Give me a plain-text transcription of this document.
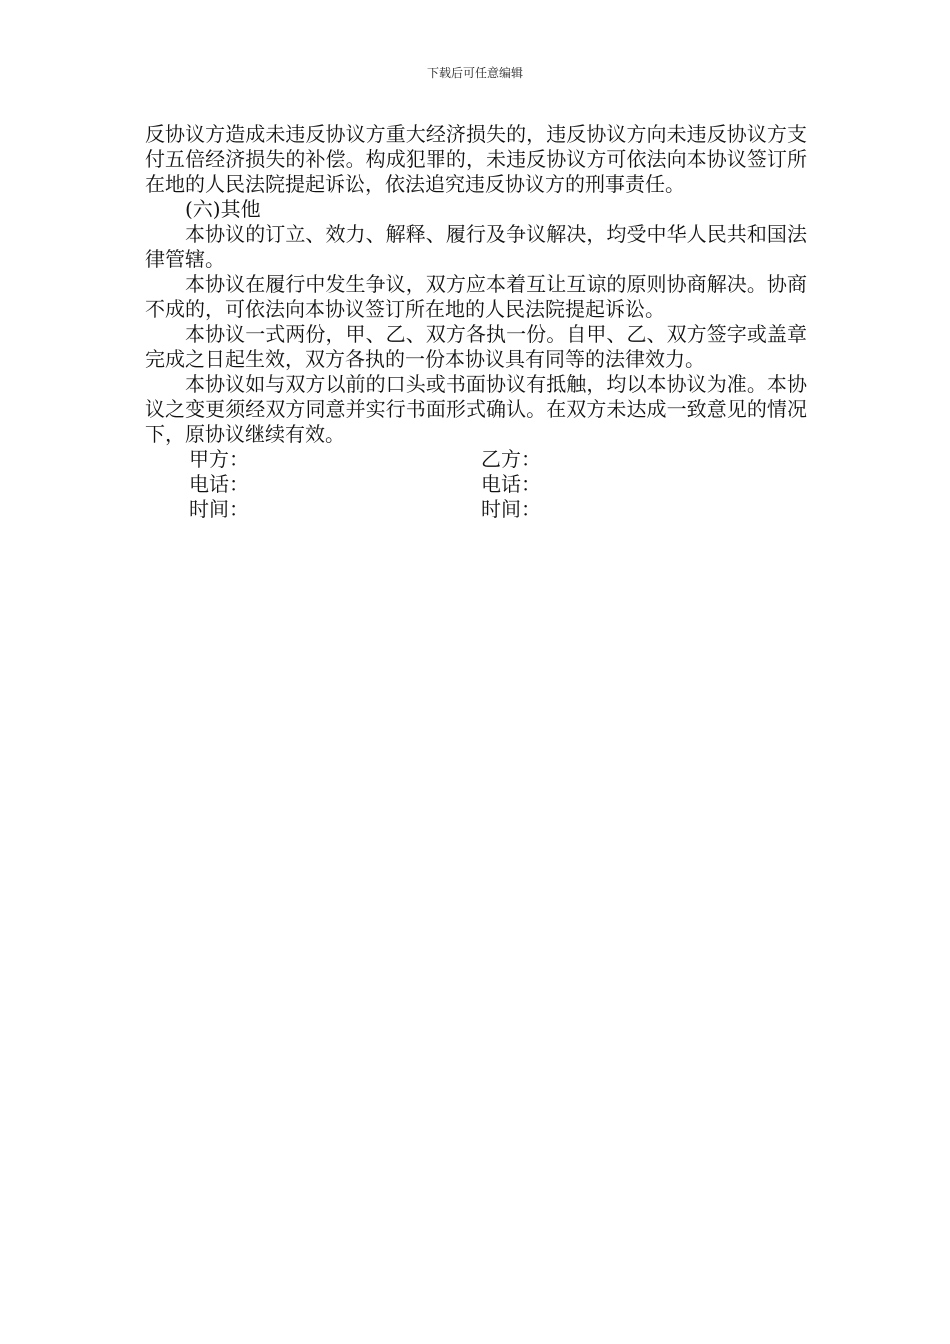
下载后可任意编辑

反协议方造成未违反协议方重大经济损失的，违反协议方向未违反协议方支付五倍经济损失的补偿。构成犯罪的，未违反协议方可依法向本协议签订所在地的人民法院提起诉讼，依法追究违反协议方的刑事责任。

(六)其他

本协议的订立、效力、解释、履行及争议解决，均受中华人民共和国法律管辖。

本协议在履行中发生争议，双方应本着互让互谅的原则协商解决。协商不成的，可依法向本协议签订所在地的人民法院提起诉讼。

本协议一式两份，甲、乙、双方各执一份。自甲、乙、双方签字或盖章完成之日起生效，双方各执的一份本协议具有同等的法律效力。

本协议如与双方以前的口头或书面协议有抵触，均以本协议为准。本协议之变更须经双方同意并实行书面形式确认。在双方未达成一致意见的情况下，原协议继续有效。

甲方：	乙方：
电话：	电话：
时间：	时间：
